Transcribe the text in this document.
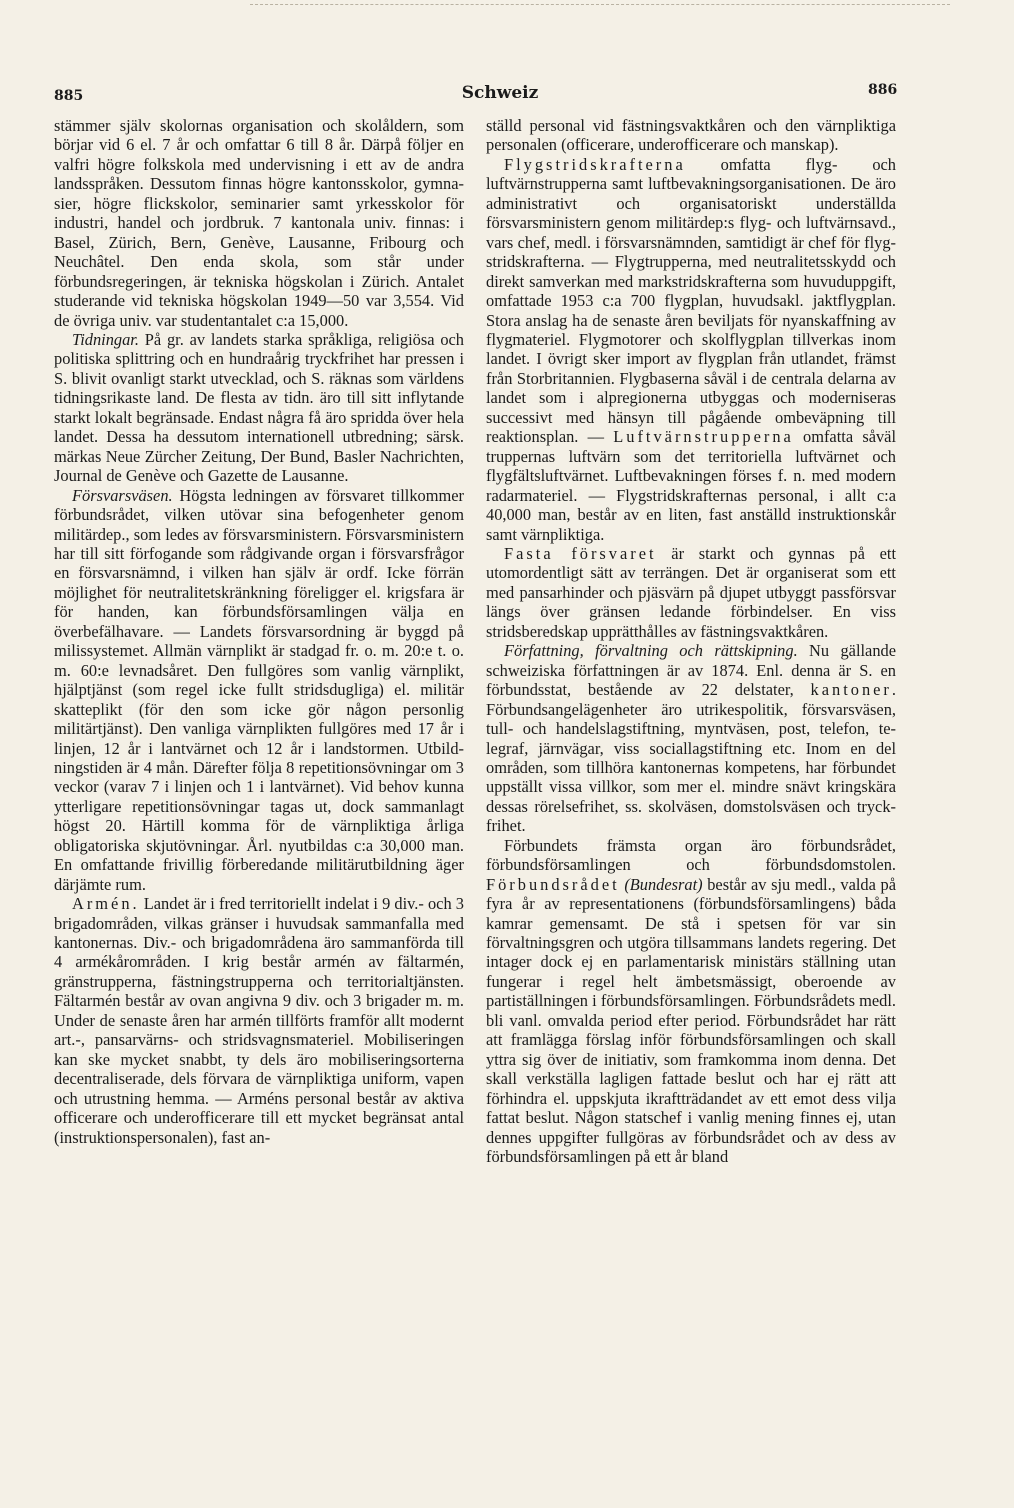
885	Schweiz	886

stämmer själv skolornas organisation och skolåldern, som börjar vid 6 el. 7 år och omfattar 6 till 8 år. Därpå följer en valfri högre folkskola med undervisning i ett av de andra landsspråken. Dessutom finnas högre kantonsskolor, gymnasier, högre flickskolor, seminarier samt yrkesskolor för industri, handel och jordbruk. 7 kantonala univ. finnas: i Basel, Zürich, Bern, Genève, Lausanne, Fribourg och Neuchâtel. Den enda skola, som står under förbundsregeringen, är tekniska högskolan i Zürich. Antalet studerande vid tekniska högskolan 1949—50 var 3,554. Vid de övriga univ. var studentantalet c:a 15,000.

Tidningar. På gr. av landets starka språkliga, religiösa och politiska splittring och en hundraårig tryckfrihet har pressen i S. blivit ovanligt starkt utvecklad, och S. räknas som världens tidningsrikaste land. De flesta av tidn. äro till sitt inflytande starkt lokalt begränsade. Endast några få äro spridda över hela landet. Dessa ha dessutom internationell utbredning; särsk. märkas Neue Zürcher Zeitung, Der Bund, Basler Nachrichten, Journal de Genève och Gazette de Lausanne.

Försvarsväsen. Högsta ledningen av försvaret tillkommer förbundsrådet, vilken utövar sina befogenheter genom militärdep., som ledes av försvarsministern. Försvarsministern har till sitt förfogande som rådgivande organ i försvarsfrågor en försvarsnämnd, i vilken han själv är ordf. Icke förrän möjlighet för neutralitetskränkning föreligger el. krigsfara är för handen, kan förbundsförsamlingen välja en överbefälhavare. — Landets försvarsordning är byggd på milissystemet. Allmän värnplikt är stadgad fr. o. m. 20:e t. o. m. 60:e levnadsåret. Den fullgöres som vanlig värnplikt, hjälptjänst (som regel icke fullt stridsdugliga) el. militär skatteplikt (för den som icke gör någon personlig militärtjänst). Den vanliga värnplikten fullgöres med 17 år i linjen, 12 år i lantvärnet och 12 år i landstormen. Utbildningstiden är 4 mån. Därefter följa 8 repetitionsövningar om 3 veckor (varav 7 i linjen och 1 i lantvärnet). Vid behov kunna ytterligare repetitionsövningar tagas ut, dock sammanlagt högst 20. Härtill komma för de värnpliktiga årliga obligatoriska skjutövningar. Årl. nyutbildas c:a 30,000 man. En omfattande frivillig förberedande militärutbildning äger därjämte rum.

Armén. Landet är i fred territoriellt indelat i 9 div.- och 3 brigadområden, vilkas gränser i huvudsak sammanfalla med kantonernas. Div.- och brigadområdena äro sammanförda till 4 armékårområden. I krig består armén av fältarmén, gränstrupperna, fästningstrupperna och territorialtjänsten. Fältarmén består av ovan angivna 9 div. och 3 brigader m. m. Under de senaste åren har armén tillförts framför allt modernt art.-, pansarvärns- och stridsvagnsmateriel. Mobiliseringen kan ske mycket snabbt, ty dels äro mobiliseringsorterna decentraliserade, dels förvara de värnpliktiga uniform, vapen och utrustning hemma. — Arméns personal består av aktiva officerare och underofficerare till ett mycket begränsat antal (instruktionspersonalen), fast an-

ställd personal vid fästningsvaktkåren och den värnpliktiga personalen (officerare, underofficerare och manskap).

Flygstridskrafterna omfatta flyg- och luftvärnstrupperna samt luftbevakningsorganisationen. De äro administrativt och organisatoriskt underställda försvarsministern genom militärdep:s flyg- och luftvärnsavd., vars chef, medl. i försvarsnämnden, samtidigt är chef för flygstridskrafterna. — Flygtrupperna, med neutralitetsskydd och direkt samverkan med markstridskrafterna som huvuduppgift, omfattade 1953 c:a 700 flygplan, huvudsakl. jaktflygplan. Stora anslag ha de senaste åren beviljats för nyanskaffning av flygmateriel. Flygmotorer och skolflygplan tillverkas inom landet. I övrigt sker import av flygplan från utlandet, främst från Storbritannien. Flygbaserna såväl i de centrala delarna av landet som i alpregionerna utbyggas och moderniseras successivt med hänsyn till pågående ombeväpning till reaktionsplan. — Luftvärnstrupperna omfatta såväl truppernas luftvärn som det territoriella luftvärnet och flygfältsluftvärnet. Luftbevakningen förses f. n. med modern radarmateriel. — Flygstridskrafternas personal, i allt c:a 40,000 man, består av en liten, fast anställd instruktionskår samt värnpliktiga.

Fasta försvaret är starkt och gynnas på ett utomordentligt sätt av terrängen. Det är organiserat som ett med pansarhinder och pjäsvärn på djupet utbyggt passförsvar längs över gränsen ledande förbindelser. En viss stridsberedskap upprätthålles av fästningsvaktkåren.

Författning, förvaltning och rättskipning. Nu gällande schweiziska författningen är av 1874. Enl. denna är S. en förbundsstat, bestående av 22 delstater, kantoner. Förbundsangelägenheter äro utrikespolitik, försvarsväsen, tull- och handelslagstiftning, myntväsen, post, telefon, telegraf, järnvägar, viss sociallagstiftning etc. Inom en del områden, som tillhöra kantonernas kompetens, har förbundet uppställt vissa villkor, som mer el. mindre snävt kringskära dessas rörelsefrihet, ss. skolväsen, domstolsväsen och tryckfrihet.

Förbundets främsta organ äro förbundsrådet, förbundsförsamlingen och förbundsdomstolen. Förbundsrådet (Bundesrat) består av sju medl., valda på fyra år av representationens (förbundsförsamlingens) båda kamrar gemensamt. De stå i spetsen för var sin förvaltningsgren och utgöra tillsammans landets regering. Det intager dock ej en parlamentarisk ministärs ställning utan fungerar i regel helt ämbetsmässigt, oberoende av partiställningen i förbundsförsamlingen. Förbundsrådets medl. bli vanl. omvalda period efter period. Förbundsrådet har rätt att framlägga förslag inför förbundsförsamlingen och skall yttra sig över de initiativ, som framkomma inom denna. Det skall verkställa lagligen fattade beslut och har ej rätt att förhindra el. uppskjuta ikraftträdandet av ett emot dess vilja fattat beslut. Någon statschef i vanlig mening finnes ej, utan dennes uppgifter fullgöras av förbundsrådet och av dess av förbundsförsamlingen på ett år bland
